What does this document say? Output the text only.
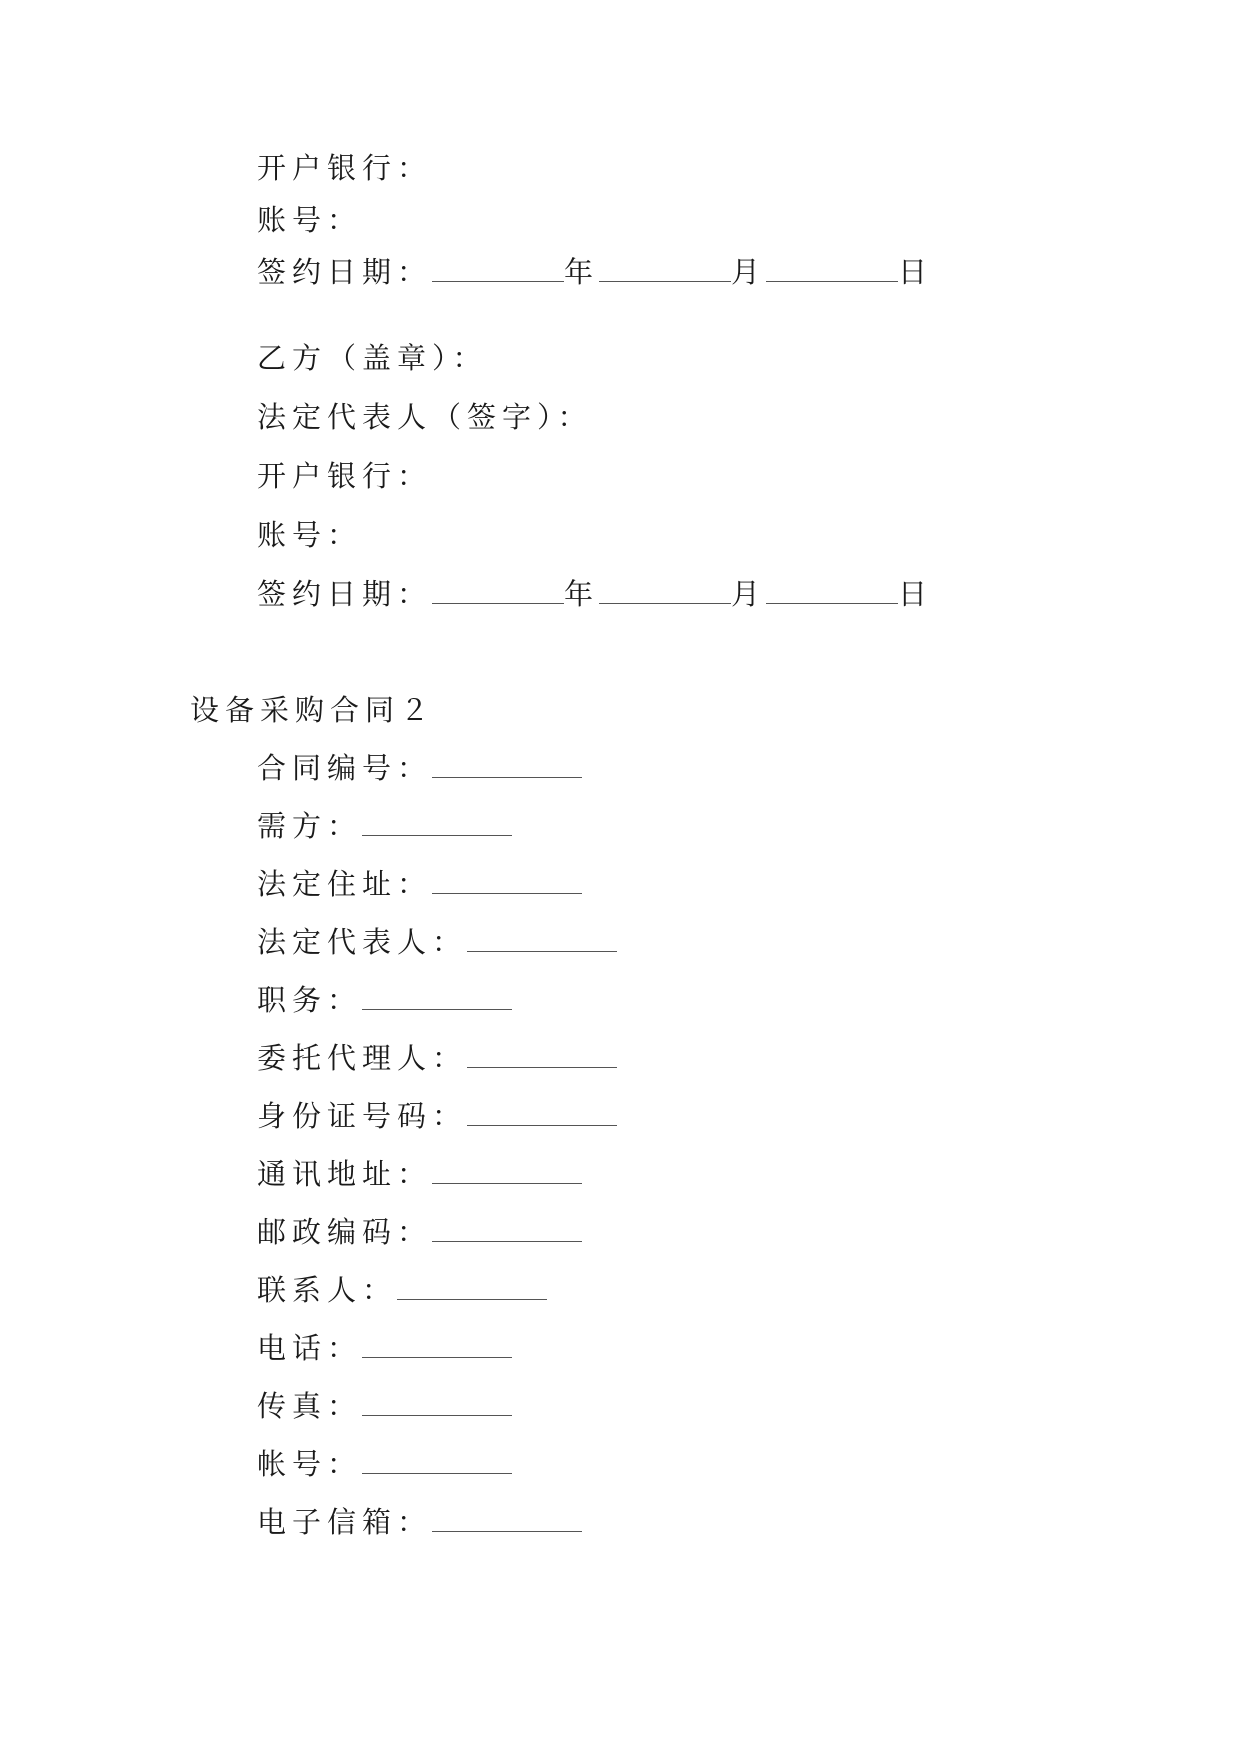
开户银行：
账号：
签约日期：	年	月	日
乙方（盖章）：
法定代表人（签字）：
开户银行：
账号：
签约日期：	年	月	日
设备采购合同２
合同编号：
需方：
法定住址：
法定代表人：
职务：
委托代理人：
身份证号码：
通讯地址：
邮政编码：
联系人：
电话：
传真：
帐号：
电子信箱：
